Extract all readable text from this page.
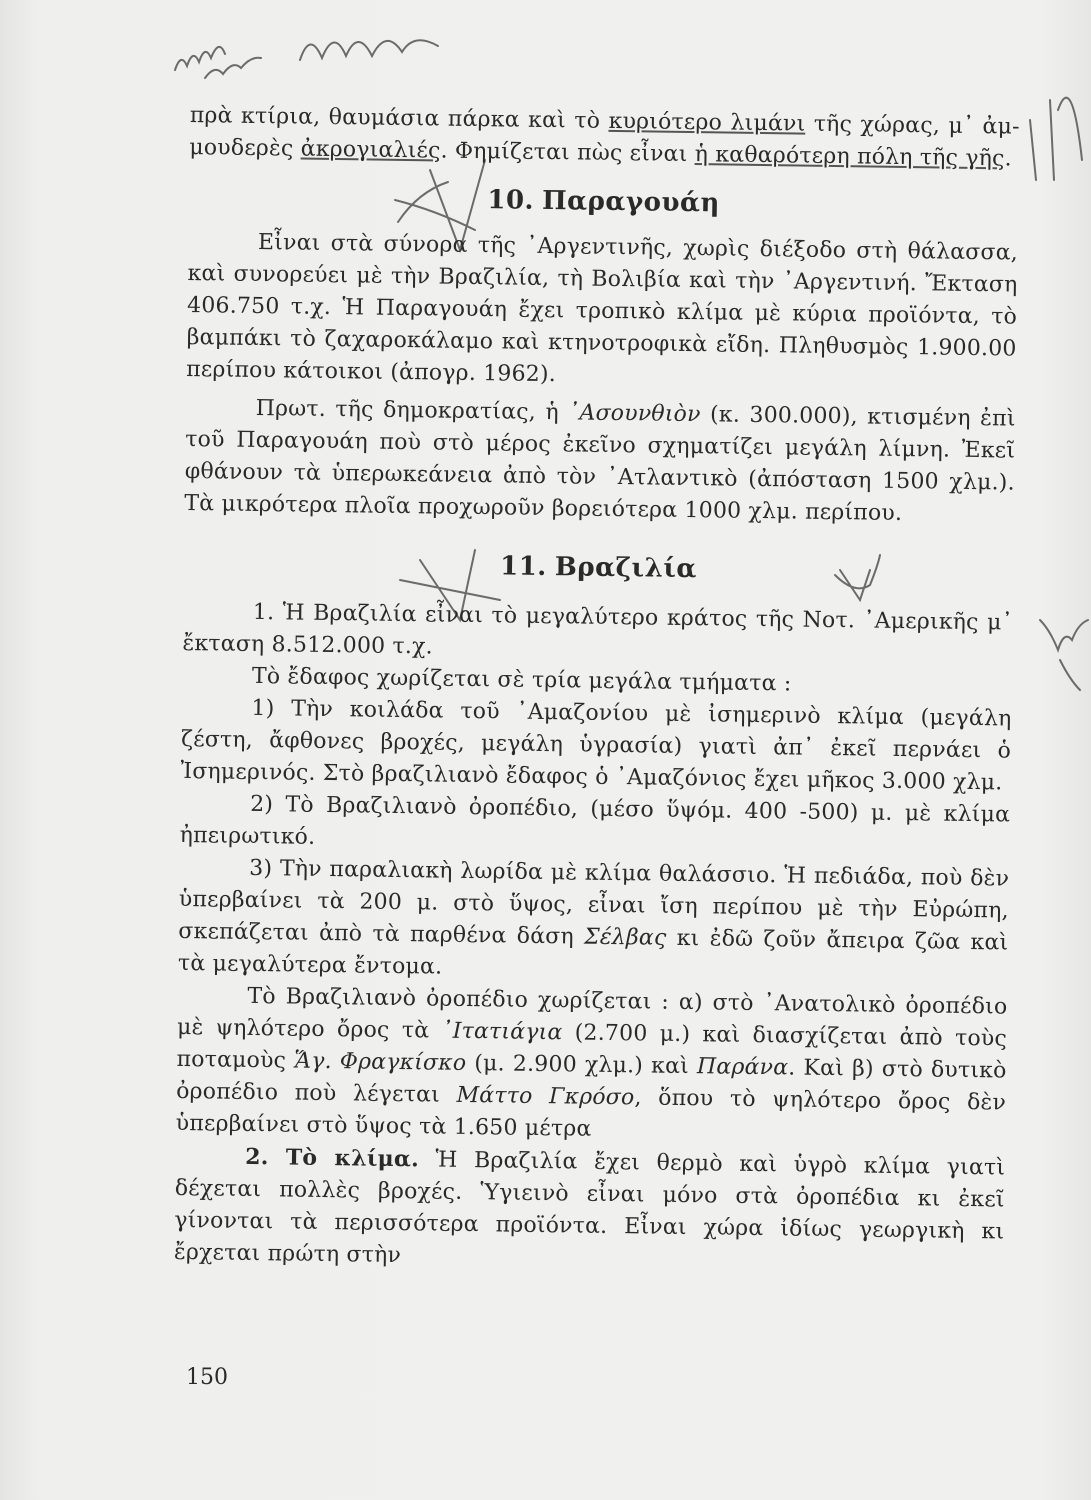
πρὰ κτίρια, θαυμάσια πάρκα καὶ τὸ κυριότερο λιμάνι τῆς χώρας, μ᾽ ἀμ-μουδερὲς ἀκρογιαλιές. Φημίζεται πὼς εἶναι ἡ καθαρότερη πόλη τῆς γῆς.

10. Παραγουάη

Εἶναι στὰ σύνορα τῆς ᾿Αργεντινῆς, χωρὶς διέξοδο στὴ θάλασσα, καὶ συνορεύει μὲ τὴν Βραζιλία, τὴ Βολιβία καὶ τὴν ᾿Αργεντινή. Ἔκταση 406.750 τ.χ. Ἡ Παραγουάη ἔχει τροπικὸ κλίμα μὲ κύρια προϊόντα, τὸ βαμπάκι τὸ ζαχαροκάλαμο καὶ κτηνοτροφικὰ εἴδη. Πληθυσμὸς 1.900.00 περίπου κάτοικοι (ἀπογρ. 1962).

Πρωτ. τῆς δημοκρατίας, ἡ ᾿Ασουνθιὸν (κ. 300.000), κτισμένη ἐπὶ τοῦ Παραγουάη ποὺ στὸ μέρος ἐκεῖνο σχηματίζει μεγάλη λίμνη. Ἐκεῖ φθάνουν τὰ ὑπερωκεάνεια ἀπὸ τὸν ᾿Ατλαντικὸ (ἀπόσταση 1500 χλμ.). Τὰ μικρότερα πλοῖα προχωροῦν βορειότερα 1000 χλμ. περίπου.

11. Βραζιλία

1. Ἡ Βραζιλία εἶναι τὸ μεγαλύτερο κράτος τῆς Νοτ. ᾿Αμερικῆς μ᾽ ἔκταση 8.512.000 τ.χ.

Τὸ ἔδαφος χωρίζεται σὲ τρία μεγάλα τμήματα :

1) Τὴν κοιλάδα τοῦ ᾿Αμαζονίου μὲ ἰσημερινὸ κλίμα (μεγάλη ζέστη, ἄφθονες βροχές, μεγάλη ὑγρασία) γιατὶ ἀπ᾽ ἐκεῖ περνάει ὁ Ἰσημερινός. Στὸ βραζιλιανὸ ἔδαφος ὁ ᾿Αμαζόνιος ἔχει μῆκος 3.000 χλμ.

2) Τὸ Βραζιλιανὸ ὀροπέδιο, (μέσο ὕψόμ. 400 -500) μ. μὲ κλίμα ἠπειρωτικό.

3) Τὴν παραλιακὴ λωρίδα μὲ κλίμα θαλάσσιο. Ἡ πεδιάδα, ποὺ δὲν ὑπερβαίνει τὰ 200 μ. στὸ ὕψος, εἶναι ἴση περίπου μὲ τὴν Εὐρώπη, σκεπάζεται ἀπὸ τὰ παρθένα δάση Σέλβας κι ἐδῶ ζοῦν ἄπειρα ζῶα καὶ τὰ μεγαλύτερα ἔντομα.

Τὸ Βραζιλιανὸ ὀροπέδιο χωρίζεται : α) στὸ ᾿Ανατολικὸ ὀροπέδιο μὲ ψηλότερο ὄρος τὰ ᾿Ιτατιάγια (2.700 μ.) καὶ διασχίζεται ἀπὸ τοὺς ποταμοὺς Ἅγ. Φραγκίσκο (μ. 2.900 χλμ.) καὶ Παράνα. Καὶ β) στὸ δυτικὸ ὀροπέδιο ποὺ λέγεται Μάττο Γκρόσο, ὅπου τὸ ψηλότερο ὄρος δὲν ὑπερβαίνει στὸ ὕψος τὰ 1.650 μέτρα

2. Τὸ κλίμα. Ἡ Βραζιλία ἔχει θερμὸ καὶ ὑγρὸ κλίμα γιατὶ δέχεται πολλὲς βροχές. Ὑγιεινὸ εἶναι μόνο στὰ ὀροπέδια κι ἐκεῖ γίνονται τὰ περισσότερα προϊόντα. Εἶναι χώρα ἰδίως γεωργικὴ κι ἔρχεται πρώτη στὴν

150
